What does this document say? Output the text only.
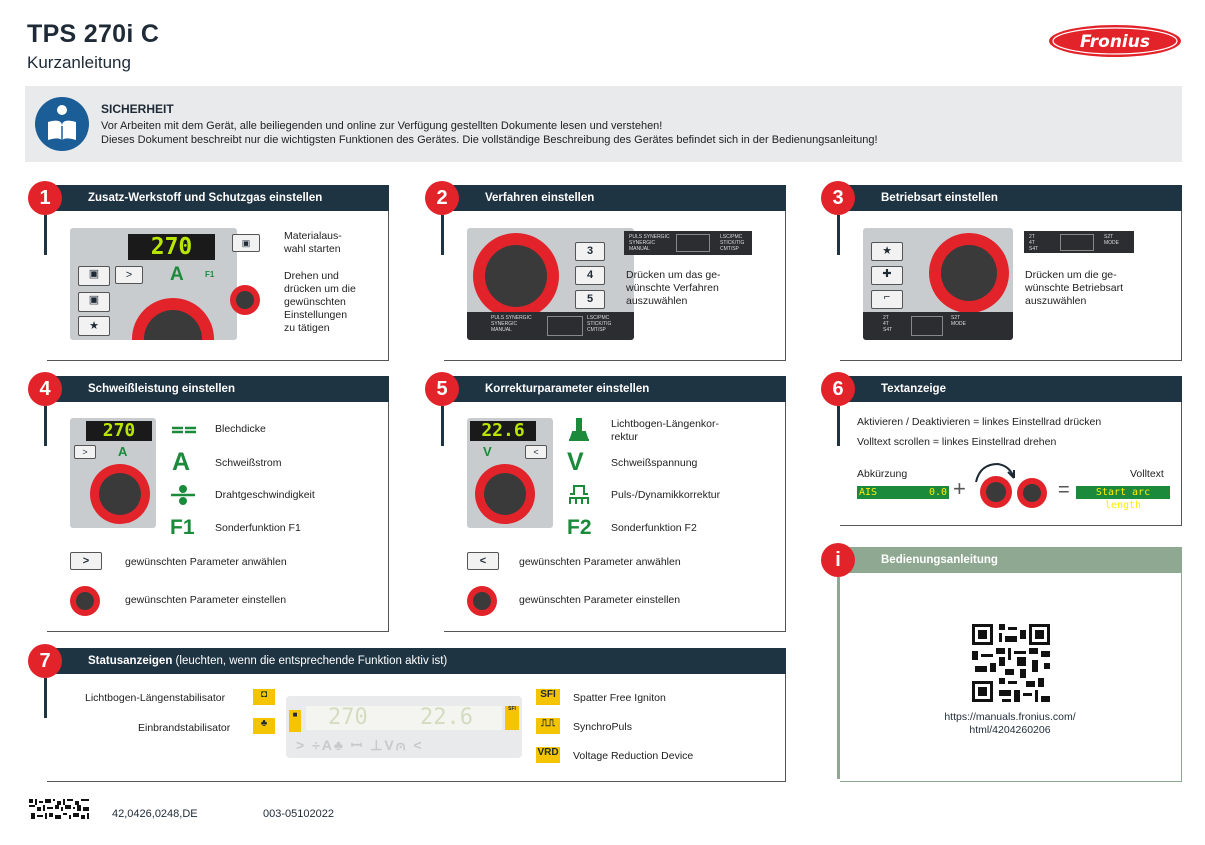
TPS 270i C
Kurzanleitung
Fronius
SICHERHEIT
Vor Arbeiten mit dem Gerät, alle beiliegenden und online zur Verfügung gestellten Dokumente lesen und verstehen!
Dieses Dokument beschreibt nur die wichtigsten Funktionen des Gerätes. Die vollständige Beschreibung des Gerätes befindet sich in der Bedienungsanleitung!
Zusatz-Werkstoff und Schutzgas einstellen
1
270
▣	>	A	F1
▣
★
▣
Materialaus-
wahl starten
Drehen und
drücken um die
gewünschten
Einstellungen
zu tätigen
Verfahren einstellen
2
3
4
5
PULS SYNERGIC
SYNERGIC
MANUAL
LSC/PMC
STICK/TIG
CMT/SP
PULS SYNERGIC
SYNERGIC
MANUAL
LSC/PMC
STICK/TIG
CMT/SP
Drücken um das ge-
wünschte Verfahren
auszuwählen
Betriebsart einstellen
3
★
✚
⌐
2T
4T
S4T
S2T
MODE
2T
4T
S4T
S2T
MODE
Drücken um die ge-
wünschte Betriebsart
auszuwählen
Schweißleistung einstellen
4
270
>	A
Blechdicke
A Schweißstrom
Drahtgeschwindigkeit
F1 Sonderfunktion F1
>	gewünschten Parameter anwählen
gewünschten Parameter einstellen
Korrekturparameter einstellen
5
22.6
V	<
Lichtbogen-Längenkor-
rektur
V	Schweißspannung
Puls-/Dynamikkorrektur
F2 Sonderfunktion F2
<	gewünschten Parameter anwählen
gewünschten Parameter einstellen
Textanzeige
6
Aktivieren / Deaktivieren = linkes Einstellrad drücken
Volltext scrollen = linkes Einstellrad drehen
Abkürzung	Volltext
AIS	0.0 +	=	Start arc length
Bedienungsanleitung
i
https://manuals.fronius.com/
html/4204260206
Statusanzeigen (leuchten, wenn die entsprechende Funktion aktiv ist)
7
Lichtbogen-Längenstabilisator	◘
Einbrandstabilisator	♣
■ 270 22.6	SFI
> ÷A♣ ꟷ ⊥V⩀ <
SFI	Spatter Free Igniton
⎍⎍	SynchroPuls
VRD Voltage Reduction Device
42,0426,0248,DE	003-05102022
